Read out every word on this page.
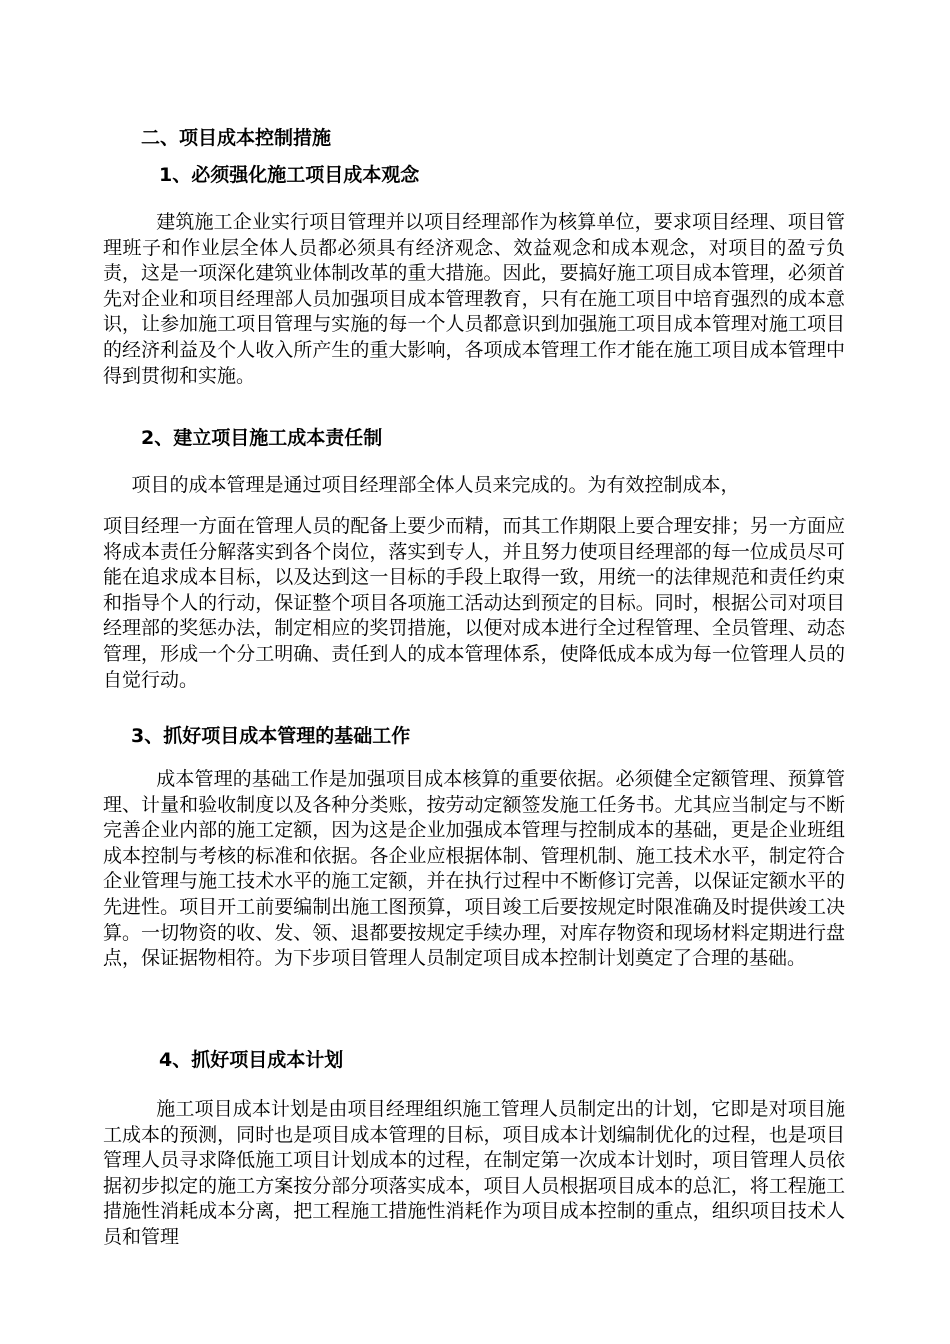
二、项目成本控制措施
1、必须强化施工项目成本观念

建筑施工企业实行项目管理并以项目经理部作为核算单位，要求项目经理、项目管理班子和作业层全体人员都必须具有经济观念、效益观念和成本观念，对项目的盈亏负责，这是一项深化建筑业体制改革的重大措施。因此，要搞好施工项目成本管理，必须首先对企业和项目经理部人员加强项目成本管理教育，只有在施工项目中培育强烈的成本意识，让参加施工项目管理与实施的每一个人员都意识到加强施工项目成本管理对施工项目的经济利益及个人收入所产生的重大影响，各项成本管理工作才能在施工项目成本管理中得到贯彻和实施。

2、建立项目施工成本责任制

项目的成本管理是通过项目经理部全体人员来完成的。为有效控制成本，

项目经理一方面在管理人员的配备上要少而精，而其工作期限上要合理安排；另一方面应将成本责任分解落实到各个岗位，落实到专人，并且努力使项目经理部的每一位成员尽可能在追求成本目标，以及达到这一目标的手段上取得一致，用统一的法律规范和责任约束和指导个人的行动，保证整个项目各项施工活动达到预定的目标。同时，根据公司对项目经理部的奖惩办法，制定相应的奖罚措施，以便对成本进行全过程管理、全员管理、动态管理，形成一个分工明确、责任到人的成本管理体系，使降低成本成为每一位管理人员的自觉行动。

3、抓好项目成本管理的基础工作

成本管理的基础工作是加强项目成本核算的重要依据。必须健全定额管理、预算管理、计量和验收制度以及各种分类账，按劳动定额签发施工任务书。尤其应当制定与不断完善企业内部的施工定额，因为这是企业加强成本管理与控制成本的基础，更是企业班组成本控制与考核的标准和依据。各企业应根据体制、管理机制、施工技术水平，制定符合企业管理与施工技术水平的施工定额，并在执行过程中不断修订完善，以保证定额水平的先进性。项目开工前要编制出施工图预算，项目竣工后要按规定时限准确及时提供竣工决算。一切物资的收、发、领、退都要按规定手续办理，对库存物资和现场材料定期进行盘点，保证据物相符。为下步项目管理人员制定项目成本控制计划奠定了合理的基础。

4、抓好项目成本计划

施工项目成本计划是由项目经理组织施工管理人员制定出的计划，它即是对项目施工成本的预测，同时也是项目成本管理的目标，项目成本计划编制优化的过程，也是项目管理人员寻求降低施工项目计划成本的过程，在制定第一次成本计划时，项目管理人员依据初步拟定的施工方案按分部分项落实成本，项目人员根据项目成本的总汇，将工程施工措施性消耗成本分离，把工程施工措施性消耗作为项目成本控制的重点，组织项目技术人员和管理
